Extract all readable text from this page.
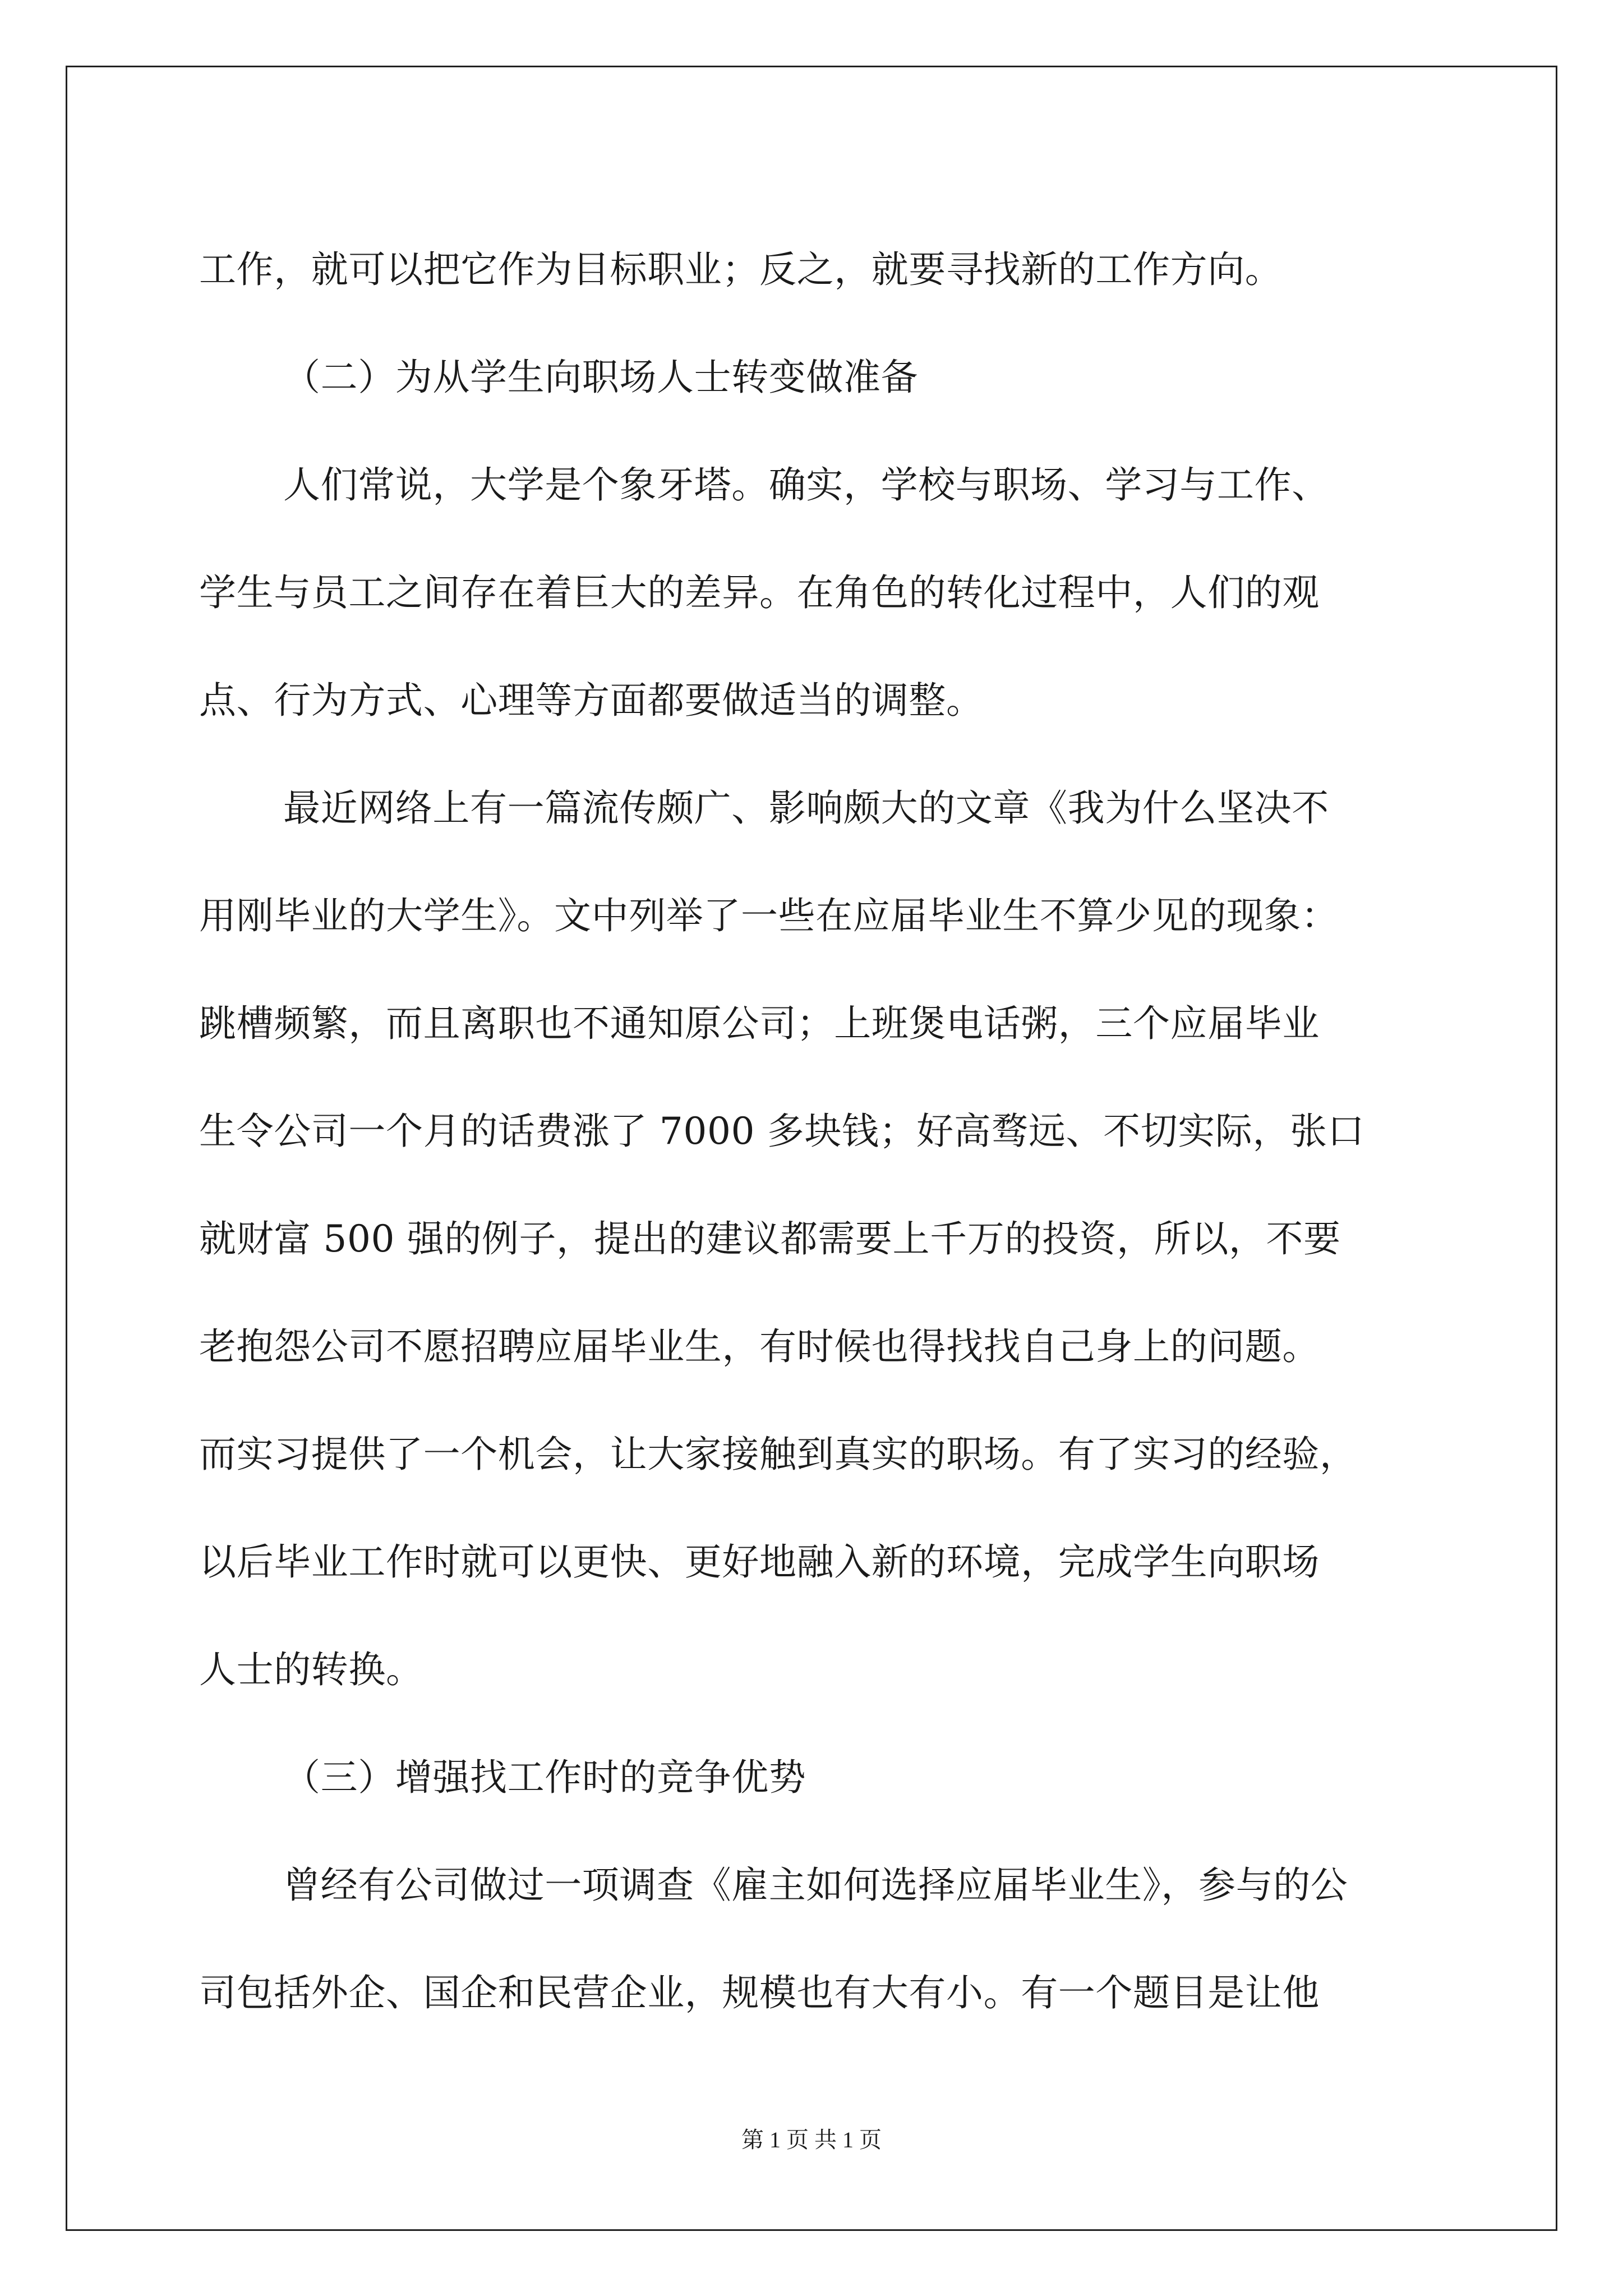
工作，就可以把它作为目标职业；反之，就要寻找新的工作方向。
（二）为从学生向职场人士转变做准备
人们常说，大学是个象牙塔。确实，学校与职场、学习与工作、
学生与员工之间存在着巨大的差异。在角色的转化过程中，人们的观
点、行为方式、心理等方面都要做适当的调整。
最近网络上有一篇流传颇广、影响颇大的文章《我为什么坚决不
用刚毕业的大学生》。文中列举了一些在应届毕业生不算少见的现象：
跳槽频繁，而且离职也不通知原公司；上班煲电话粥，三个应届毕业
生令公司一个月的话费涨了 7000 多块钱；好高骛远、不切实际，张口
就财富 500 强的例子，提出的建议都需要上千万的投资，所以，不要
老抱怨公司不愿招聘应届毕业生，有时候也得找找自己身上的问题。
而实习提供了一个机会，让大家接触到真实的职场。有了实习的经验，
以后毕业工作时就可以更快、更好地融入新的环境，完成学生向职场
人士的转换。
（三）增强找工作时的竞争优势
曾经有公司做过一项调查《雇主如何选择应届毕业生》，参与的公
司包括外企、国企和民营企业，规模也有大有小。有一个题目是让他
第 1 页 共 1 页
